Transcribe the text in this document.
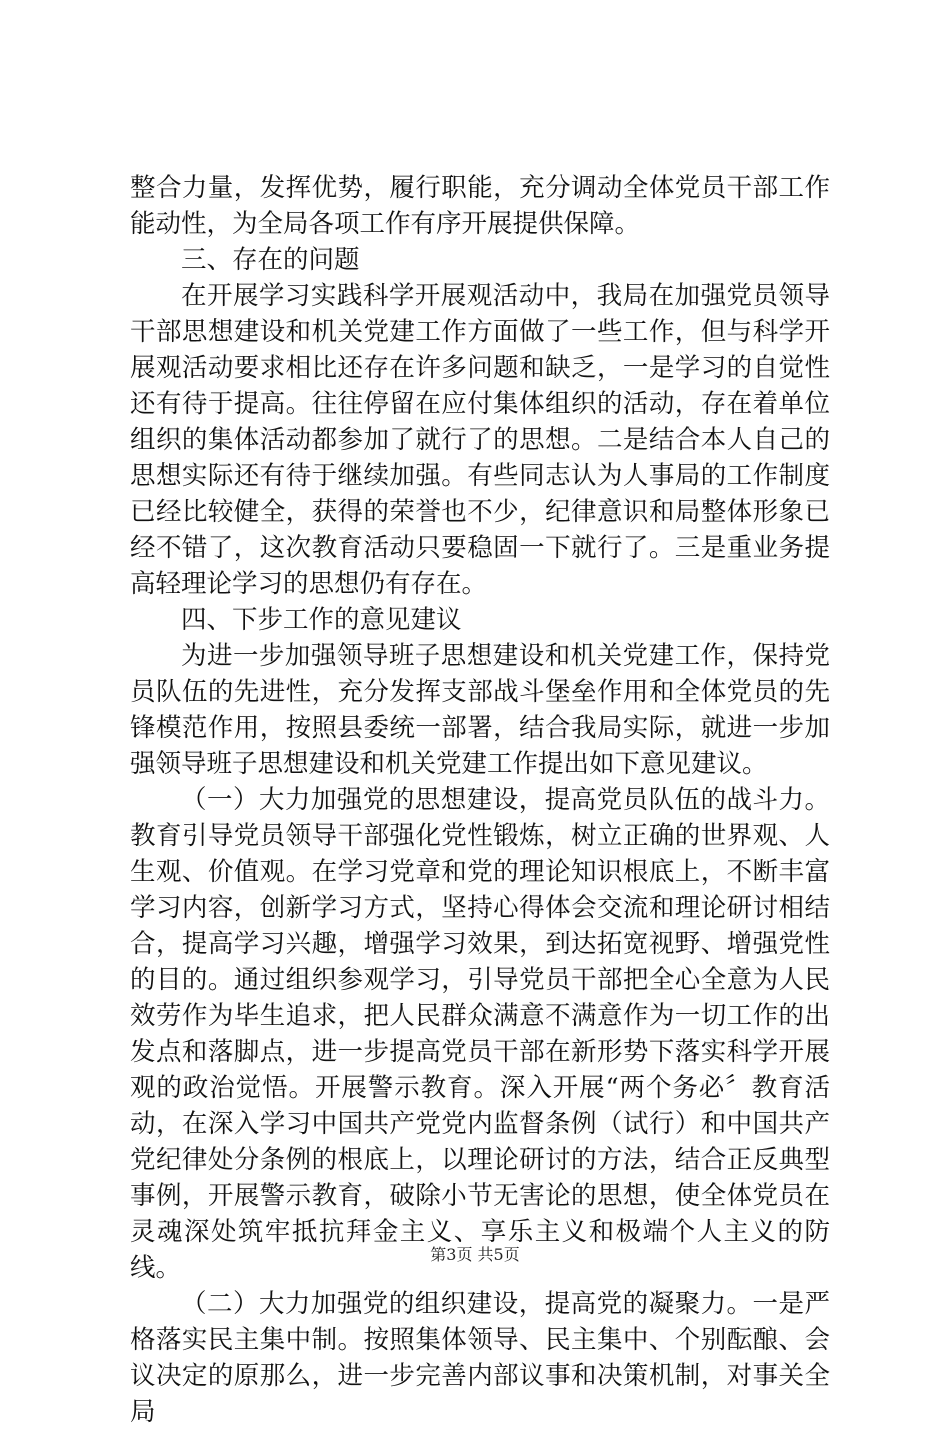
整合力量，发挥优势，履行职能，充分调动全体党员干部工作能动性，为全局各项工作有序开展提供保障。

三、存在的问题

在开展学习实践科学开展观活动中，我局在加强党员领导干部思想建设和机关党建工作方面做了一些工作，但与科学开展观活动要求相比还存在许多问题和缺乏，一是学习的自觉性还有待于提高。往往停留在应付集体组织的活动，存在着单位组织的集体活动都参加了就行了的思想。二是结合本人自己的思想实际还有待于继续加强。有些同志认为人事局的工作制度已经比较健全，获得的荣誉也不少，纪律意识和局整体形象已经不错了，这次教育活动只要稳固一下就行了。三是重业务提高轻理论学习的思想仍有存在。

四、下步工作的意见建议

为进一步加强领导班子思想建设和机关党建工作，保持党员队伍的先进性，充分发挥支部战斗堡垒作用和全体党员的先锋模范作用，按照县委统一部署，结合我局实际，就进一步加强领导班子思想建设和机关党建工作提出如下意见建议。

（一）大力加强党的思想建设，提高党员队伍的战斗力。教育引导党员领导干部强化党性锻炼，树立正确的世界观、人生观、价值观。在学习党章和党的理论知识根底上，不断丰富学习内容，创新学习方式，坚持心得体会交流和理论研讨相结合，提高学习兴趣，增强学习效果，到达拓宽视野、增强党性的目的。通过组织参观学习，引导党员干部把全心全意为人民效劳作为毕生追求，把人民群众满意不满意作为一切工作的出发点和落脚点，进一步提高党员干部在新形势下落实科学开展观的政治觉悟。开展警示教育。深入开展“两个务必〞教育活动，在深入学习中国共产党党内监督条例（试行）和中国共产党纪律处分条例的根底上，以理论研讨的方法，结合正反典型事例，开展警示教育，破除小节无害论的思想，使全体党员在灵魂深处筑牢抵抗拜金主义、享乐主义和极端个人主义的防线。

（二）大力加强党的组织建设，提高党的凝聚力。一是严格落实民主集中制。按照集体领导、民主集中、个别酝酿、会议决定的原那么，进一步完善内部议事和决策机制，对事关全局

第3页 共5页
